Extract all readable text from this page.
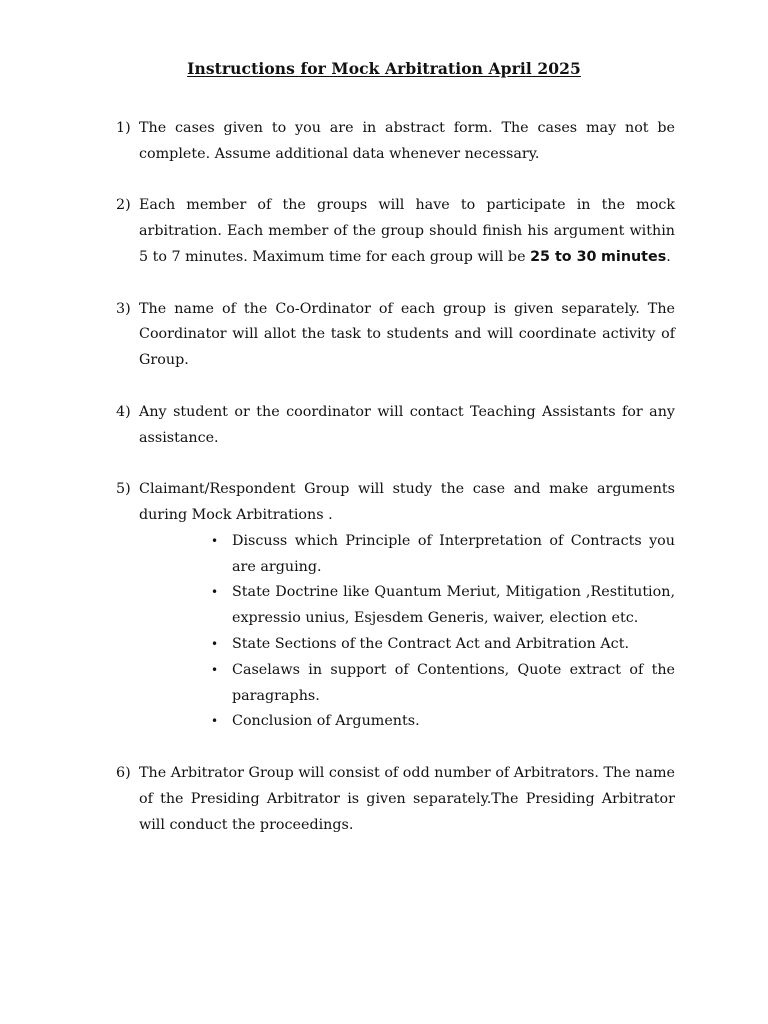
Instructions for Mock Arbitration April 2025
1) The cases given to you are in abstract form. The cases may not be complete. Assume additional data whenever necessary.
2) Each member of the groups will have to participate in the mock arbitration. Each member of the group should finish his argument within 5 to 7 minutes. Maximum time for each group will be 25 to 30 minutes.
3) The name of the Co-Ordinator of each group is given separately. The Coordinator will allot the task to students and will coordinate activity of Group.
4) Any student or the coordinator will contact Teaching Assistants for any assistance.
5) Claimant/Respondent Group will study the case and make arguments during Mock Arbitrations .
• Discuss which Principle of Interpretation of Contracts you are arguing.
• State Doctrine like Quantum Meriut, Mitigation ,Restitution, expressio unius, Esjesdem Generis, waiver, election etc.
• State Sections of the Contract Act and Arbitration Act.
• Caselaws in support of Contentions, Quote extract of the paragraphs.
• Conclusion of Arguments.
6) The Arbitrator Group will consist of odd number of Arbitrators. The name of the Presiding Arbitrator is given separately.The Presiding Arbitrator will conduct the proceedings.
